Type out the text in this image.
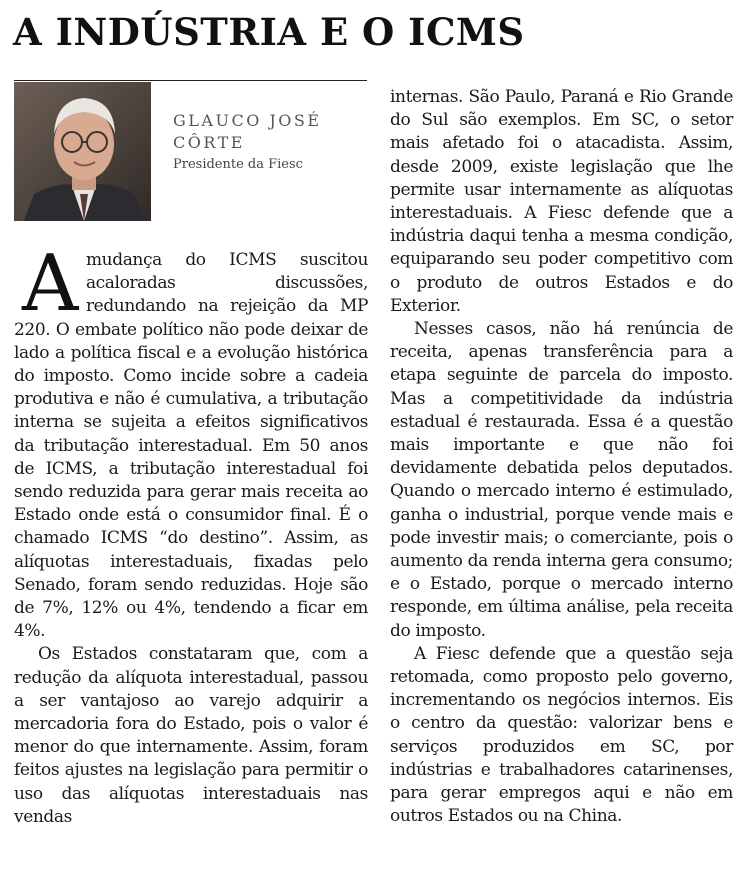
A INDÚSTRIA E O ICMS
GLAUCO JOSÉ CÔRTE
Presidente da Fiesc

Amudança do ICMS suscitou acaloradas discussões, redundando na rejeição da MP 220. O embate político não pode deixar de lado a política fiscal e a evolução histórica do imposto. Como incide sobre a cadeia produtiva e não é cumulativa, a tributação interna se sujeita a efeitos significativos da tributação interestadual. Em 50 anos de ICMS, a tributação interestadual foi sendo reduzida para gerar mais receita ao Estado onde está o consumidor final. É o chamado ICMS “do destino”. Assim, as alíquotas interestaduais, fixadas pelo Senado, foram sendo reduzidas. Hoje são de 7%, 12% ou 4%, tendendo a ficar em 4%.

Os Estados constataram que, com a redução da alíquota interestadual, passou a ser vantajoso ao varejo adquirir a mercadoria fora do Estado, pois o valor é menor do que internamente. Assim, foram feitos ajustes na legislação para permitir o uso das alíquotas interestaduais nas vendas

internas. São Paulo, Paraná e Rio Grande do Sul são exemplos. Em SC, o setor mais afetado foi o atacadista. Assim, desde 2009, existe legislação que lhe permite usar internamente as alíquotas interestaduais. A Fiesc defende que a indústria daqui tenha a mesma condição, equiparando seu poder competitivo com o produto de outros Estados e do Exterior.

Nesses casos, não há renúncia de receita, apenas transferência para a etapa seguinte de parcela do imposto. Mas a competitividade da indústria estadual é restaurada. Essa é a questão mais importante e que não foi devidamente debatida pelos deputados. Quando o mercado interno é estimulado, ganha o industrial, porque vende mais e pode investir mais; o comerciante, pois o aumento da renda interna gera consumo; e o Estado, porque o mercado interno responde, em última análise, pela receita do imposto.

A Fiesc defende que a questão seja retomada, como proposto pelo governo, incrementando os negócios internos. Eis o centro da questão: valorizar bens e serviços produzidos em SC, por indústrias e trabalhadores catarinenses, para gerar empregos aqui e não em outros Estados ou na China.
